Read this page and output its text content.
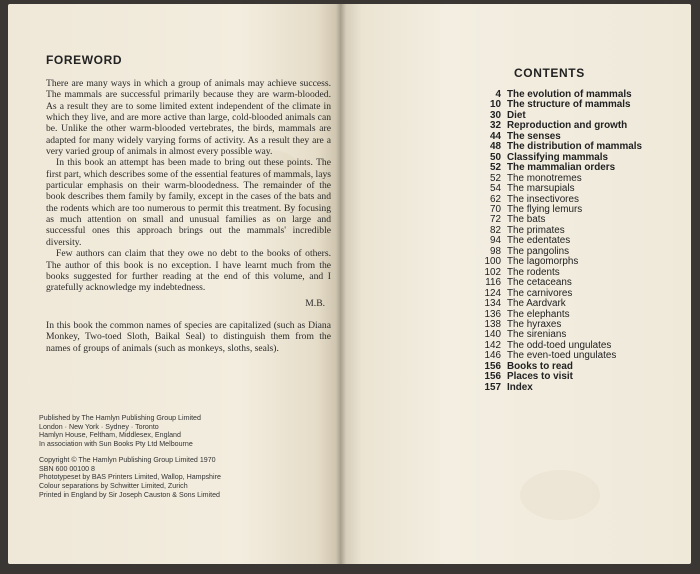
FOREWORD

There are many ways in which a group of animals may achieve success. The mammals are successful primarily because they are warm-blooded. As a result they are to some limited extent independent of the climate in which they live, and are more active than large, cold-blooded animals can be. Unlike the other warm-blooded vertebrates, the birds, mammals are adapted for many widely varying forms of activity. As a result they are a very varied group of animals in almost every possible way.

In this book an attempt has been made to bring out these points. The first part, which describes some of the essential features of mammals, lays particular emphasis on their warm-bloodedness. The remainder of the book describes them family by family, except in the cases of the bats and the rodents which are too numerous to permit this treatment. By focusing as much attention on small and unusual families as on large and successful ones this approach brings out the mammals' incredible diversity.

Few authors can claim that they owe no debt to the books of others. The author of this book is no exception. I have learnt much from the books suggested for further reading at the end of this volume, and I gratefully acknowledge my indebtedness.

M.B.

In this book the common names of species are capitalized (such as Diana Monkey, Two-toed Sloth, Baikal Seal) to distinguish them from the names of groups of animals (such as monkeys, sloths, seals).

Published by The Hamlyn Publishing Group Limited
London · New York · Sydney · Toronto
Hamlyn House, Feltham, Middlesex, England
In association with Sun Books Pty Ltd Melbourne
Copyright © The Hamlyn Publishing Group Limited 1970
SBN 600 00100 8
Phototypeset by BAS Printers Limited, Wallop, Hampshire
Colour separations by Schwitter Limited, Zurich
Printed in England by Sir Joseph Causton & Sons Limited
CONTENTS
4 The evolution of mammals
10 The structure of mammals
30 Diet
32 Reproduction and growth
44 The senses
48 The distribution of mammals
50 Classifying mammals
52 The mammalian orders
52 The monotremes
54 The marsupials
62 The insectivores
70 The flying lemurs
72 The bats
82 The primates
94 The edentates
98 The pangolins
100 The lagomorphs
102 The rodents
116 The cetaceans
124 The carnivores
134 The Aardvark
136 The elephants
138 The hyraxes
140 The sirenians
142 The odd-toed ungulates
146 The even-toed ungulates
156 Books to read
156 Places to visit
157 Index
